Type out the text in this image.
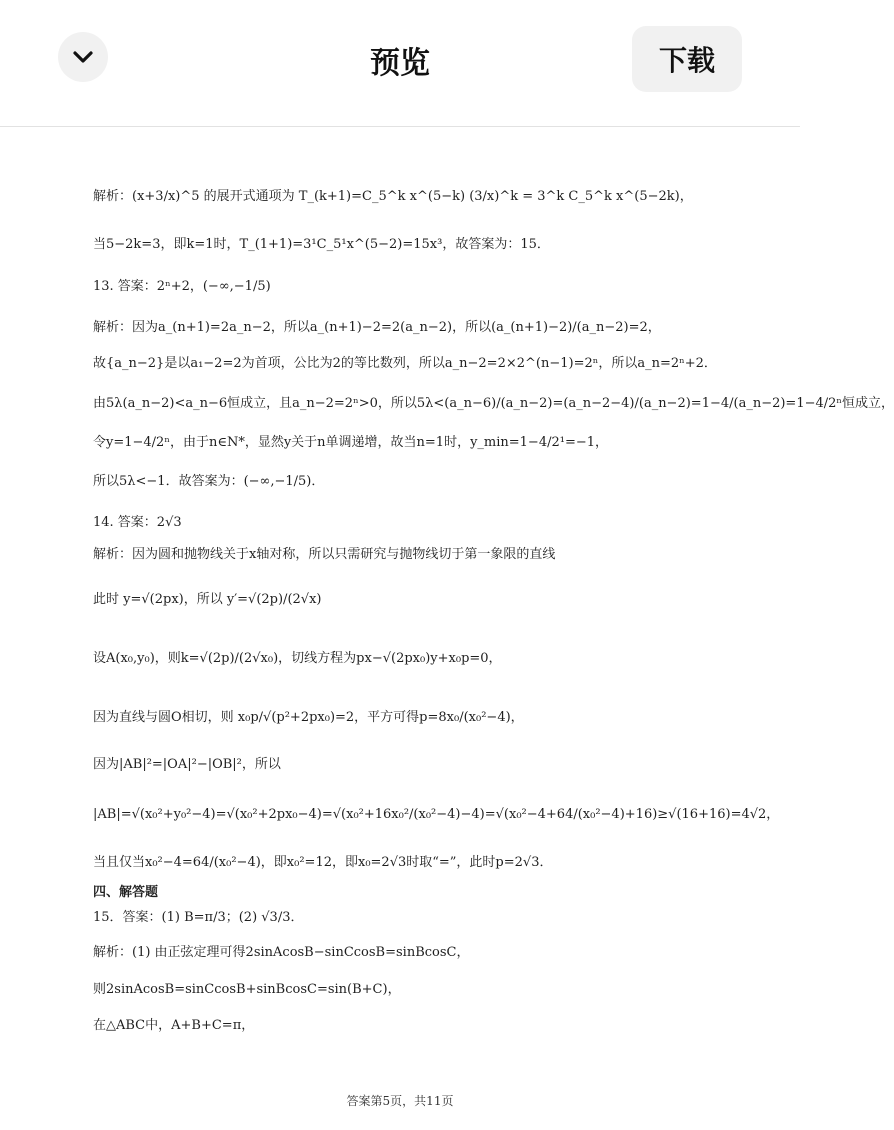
预览	下载
解析：(x+3/x)^5 的展开式通项为 T_(k+1)=C_5^k x^(5−k) (3/x)^k = 3^k C_5^k x^(5−2k)，
当5−2k=3，即k=1时，T_(1+1)=3¹C_5¹x^(5−2)=15x³，故答案为：15．
13. 答案：2ⁿ+2，(−∞,−1/5)
解析：因为a_(n+1)=2a_n−2，所以a_(n+1)−2=2(a_n−2)，所以(a_(n+1)−2)/(a_n−2)=2，
故{a_n−2}是以a₁−2=2为首项，公比为2的等比数列，所以a_n−2=2×2^(n−1)=2ⁿ，所以a_n=2ⁿ+2．
由5λ(a_n−2)<a_n−6恒成立，且a_n−2=2ⁿ>0，所以5λ<(a_n−6)/(a_n−2)=(a_n−2−4)/(a_n−2)=1−4/(a_n−2)=1−4/2ⁿ恒成立，
令y=1−4/2ⁿ，由于n∈N*，显然y关于n单调递增，故当n=1时，y_min=1−4/2¹=−1，
所以5λ<−1．故答案为：(−∞,−1/5)．
14. 答案：2√3
解析：因为圆和抛物线关于x轴对称，所以只需研究与抛物线切于第一象限的直线
此时 y=√(2px)，所以 y′=√(2p)/(2√x)
设A(x₀,y₀)，则k=√(2p)/(2√x₀)，切线方程为px−√(2px₀)y+x₀p=0，
因为直线与圆O相切，则 x₀p/√(p²+2px₀)=2，平方可得p=8x₀/(x₀²−4)，
因为|AB|²=|OA|²−|OB|²，所以
|AB|=√(x₀²+y₀²−4)=√(x₀²+2px₀−4)=√(x₀²+16x₀²/(x₀²−4)−4)=√(x₀²−4+64/(x₀²−4)+16)≥√(16+16)=4√2，
当且仅当x₀²−4=64/(x₀²−4)，即x₀²=12，即x₀=2√3时取“=”，此时p=2√3．
四、解答题
15．答案：(1) B=π/3；(2) √3/3．
解析：(1) 由正弦定理可得2sinAcosB−sinCcosB=sinBcosC，
则2sinAcosB=sinCcosB+sinBcosC=sin(B+C)，
在△ABC中，A+B+C=π，
答案第5页，共11页
